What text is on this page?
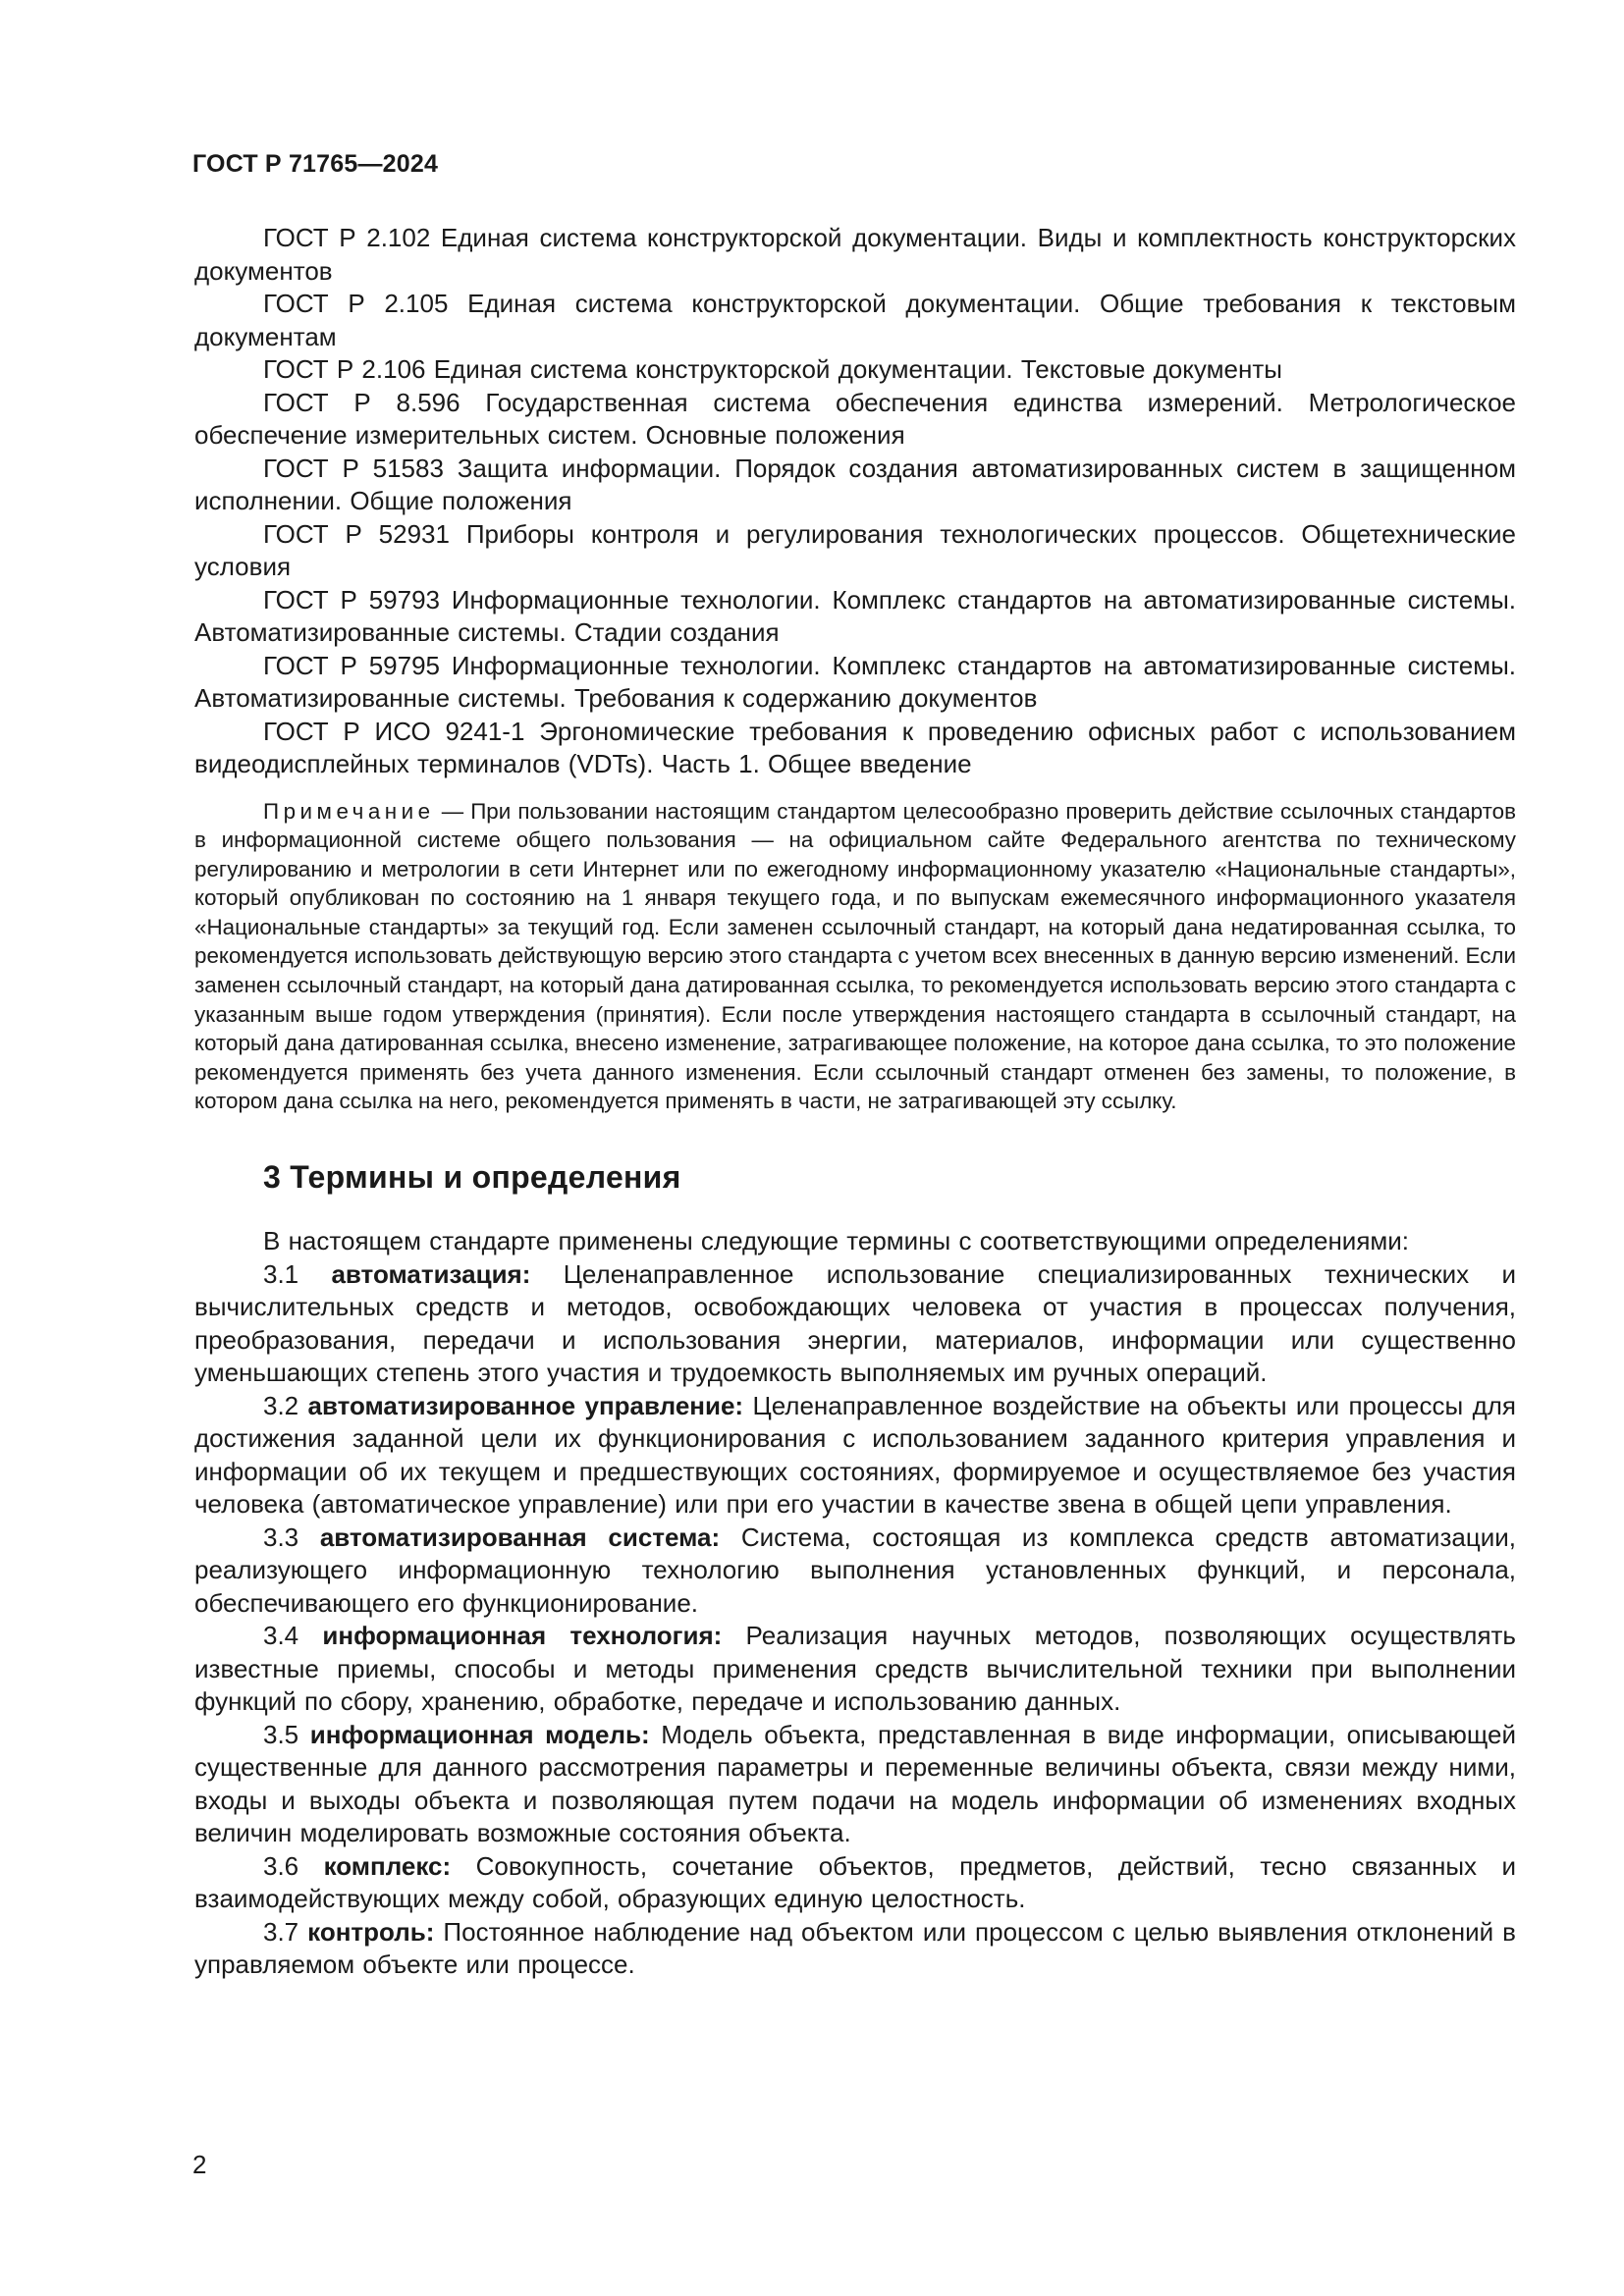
ГОСТ Р 71765—2024

ГОСТ Р 2.102 Единая система конструкторской документации. Виды и комплектность конструкторских документов

ГОСТ Р 2.105 Единая система конструкторской документации. Общие требования к текстовым документам

ГОСТ Р 2.106 Единая система конструкторской документации. Текстовые документы

ГОСТ Р 8.596 Государственная система обеспечения единства измерений. Метрологическое обеспечение измерительных систем. Основные положения

ГОСТ Р 51583 Защита информации. Порядок создания автоматизированных систем в защищенном исполнении. Общие положения

ГОСТ Р 52931 Приборы контроля и регулирования технологических процессов. Общетехнические условия

ГОСТ Р 59793 Информационные технологии. Комплекс стандартов на автоматизированные системы. Автоматизированные системы. Стадии создания

ГОСТ Р 59795 Информационные технологии. Комплекс стандартов на автоматизированные системы. Автоматизированные системы. Требования к содержанию документов

ГОСТ Р ИСО 9241-1 Эргономические требования к проведению офисных работ с использованием видеодисплейных терминалов (VDTs). Часть 1. Общее введение

Примечание — При пользовании настоящим стандартом целесообразно проверить действие ссылочных стандартов в информационной системе общего пользования — на официальном сайте Федерального агентства по техническому регулированию и метрологии в сети Интернет или по ежегодному информационному указателю «Национальные стандарты», который опубликован по состоянию на 1 января текущего года, и по выпускам ежемесячного информационного указателя «Национальные стандарты» за текущий год. Если заменен ссылочный стандарт, на который дана недатированная ссылка, то рекомендуется использовать действующую версию этого стандарта с учетом всех внесенных в данную версию изменений. Если заменен ссылочный стандарт, на который дана датированная ссылка, то рекомендуется использовать версию этого стандарта с указанным выше годом утверждения (принятия). Если после утверждения настоящего стандарта в ссылочный стандарт, на который дана датированная ссылка, внесено изменение, затрагивающее положение, на которое дана ссылка, то это положение рекомендуется применять без учета данного изменения. Если ссылочный стандарт отменен без замены, то положение, в котором дана ссылка на него, рекомендуется применять в части, не затрагивающей эту ссылку.

3 Термины и определения

В настоящем стандарте применены следующие термины с соответствующими определениями:

3.1 автоматизация: Целенаправленное использование специализированных технических и вычислительных средств и методов, освобождающих человека от участия в процессах получения, преобразования, передачи и использования энергии, материалов, информации или существенно уменьшающих степень этого участия и трудоемкость выполняемых им ручных операций.

3.2 автоматизированное управление: Целенаправленное воздействие на объекты или процессы для достижения заданной цели их функционирования с использованием заданного критерия управления и информации об их текущем и предшествующих состояниях, формируемое и осуществляемое без участия человека (автоматическое управление) или при его участии в качестве звена в общей цепи управления.

3.3 автоматизированная система: Система, состоящая из комплекса средств автоматизации, реализующего информационную технологию выполнения установленных функций, и персонала, обеспечивающего его функционирование.

3.4 информационная технология: Реализация научных методов, позволяющих осуществлять известные приемы, способы и методы применения средств вычислительной техники при выполнении функций по сбору, хранению, обработке, передаче и использованию данных.

3.5 информационная модель: Модель объекта, представленная в виде информации, описывающей существенные для данного рассмотрения параметры и переменные величины объекта, связи между ними, входы и выходы объекта и позволяющая путем подачи на модель информации об изменениях входных величин моделировать возможные состояния объекта.

3.6 комплекс: Совокупность, сочетание объектов, предметов, действий, тесно связанных и взаимодействующих между собой, образующих единую целостность.

3.7 контроль: Постоянное наблюдение над объектом или процессом с целью выявления отклонений в управляемом объекте или процессе.

2
